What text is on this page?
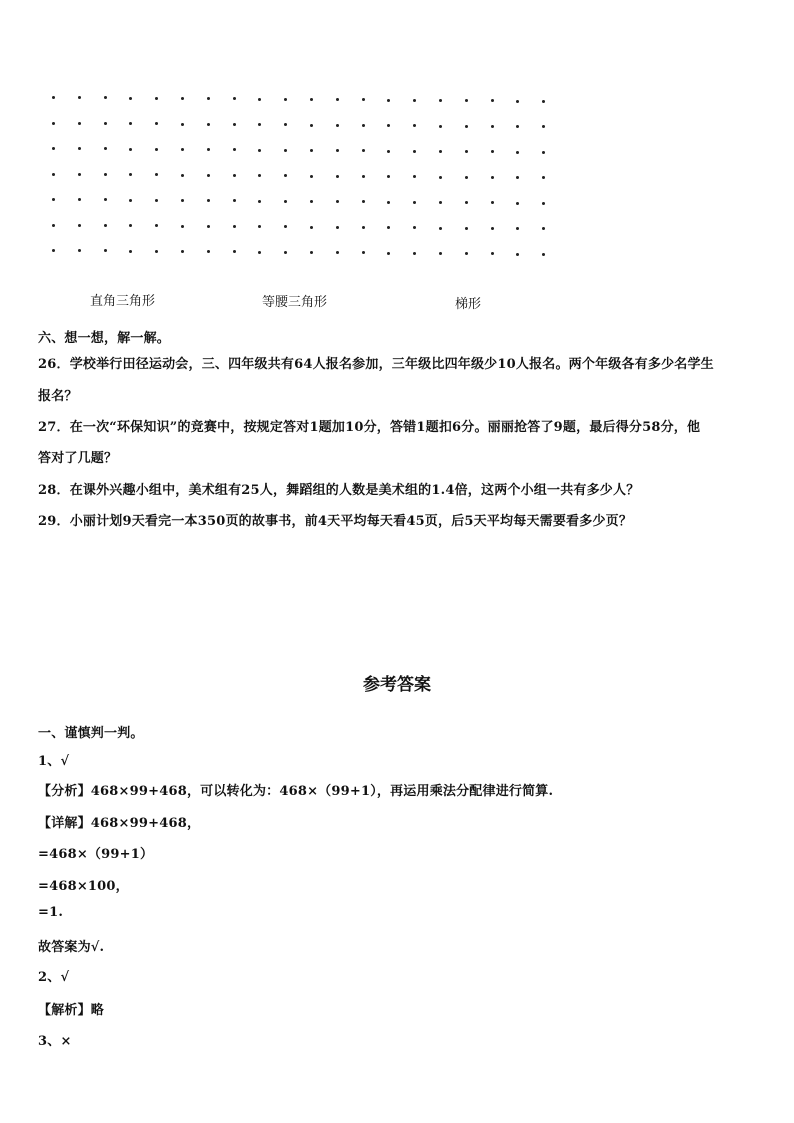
直角三角形	等腰三角形	梯形
六、想一想，解一解。
26．学校举行田径运动会，三、四年级共有64人报名参加，三年级比四年级少10人报名。两个年级各有多少名学生
报名？
27．在一次“环保知识”的竞赛中，按规定答对1题加10分，答错1题扣6分。丽丽抢答了9题，最后得分58分，他
答对了几题？
28．在课外兴趣小组中，美术组有25人，舞蹈组的人数是美术组的1.4倍，这两个小组一共有多少人？
29．小丽计划9天看完一本350页的故事书，前4天平均每天看45页，后5天平均每天需要看多少页？
参考答案
一、谨慎判一判。
1、√
【分析】468×99+468，可以转化为：468×（99+1），再运用乘法分配律进行简算.
【详解】468×99+468，
=468×（99+1）
=468×100，
=1.
故答案为√.
2、√
【解析】略
3、×
